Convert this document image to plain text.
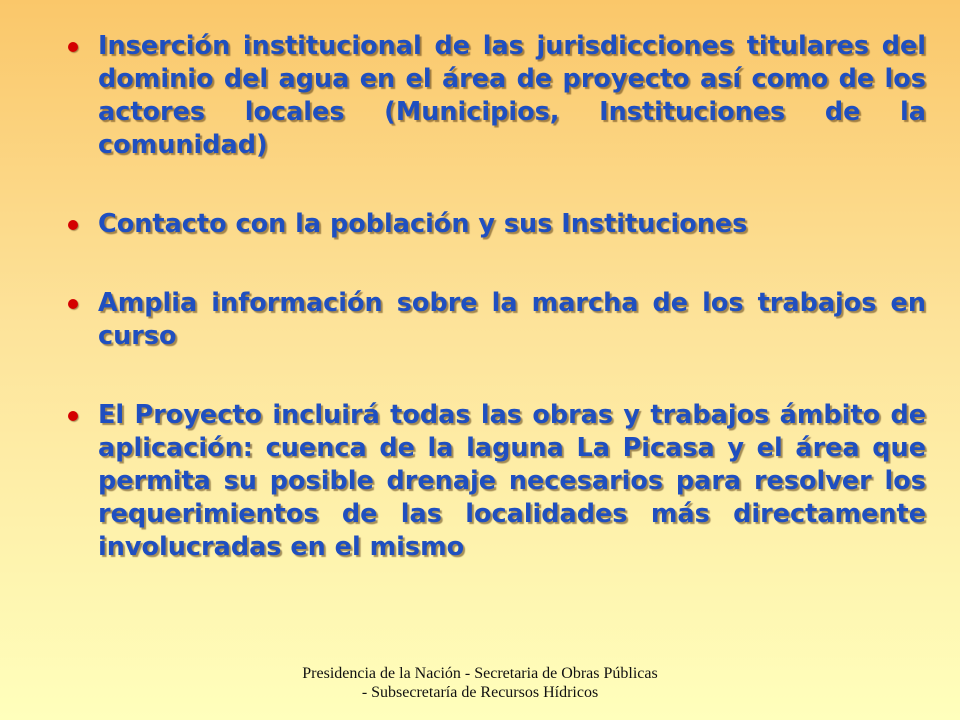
Inserción institucional de las jurisdicciones titulares del dominio del agua en el área de proyecto así como de los actores locales (Municipios, Instituciones de la comunidad)
Contacto con la población y sus Instituciones
Amplia información sobre la marcha de los trabajos en curso
El Proyecto incluirá todas las obras y trabajos ámbito de aplicación: cuenca de la laguna La Picasa y el área que permita su posible drenaje necesarios para resolver los requerimientos de las localidades más directamente involucradas en el mismo
Presidencia de la Nación - Secretaria de Obras Públicas - Subsecretaría de Recursos Hídricos
